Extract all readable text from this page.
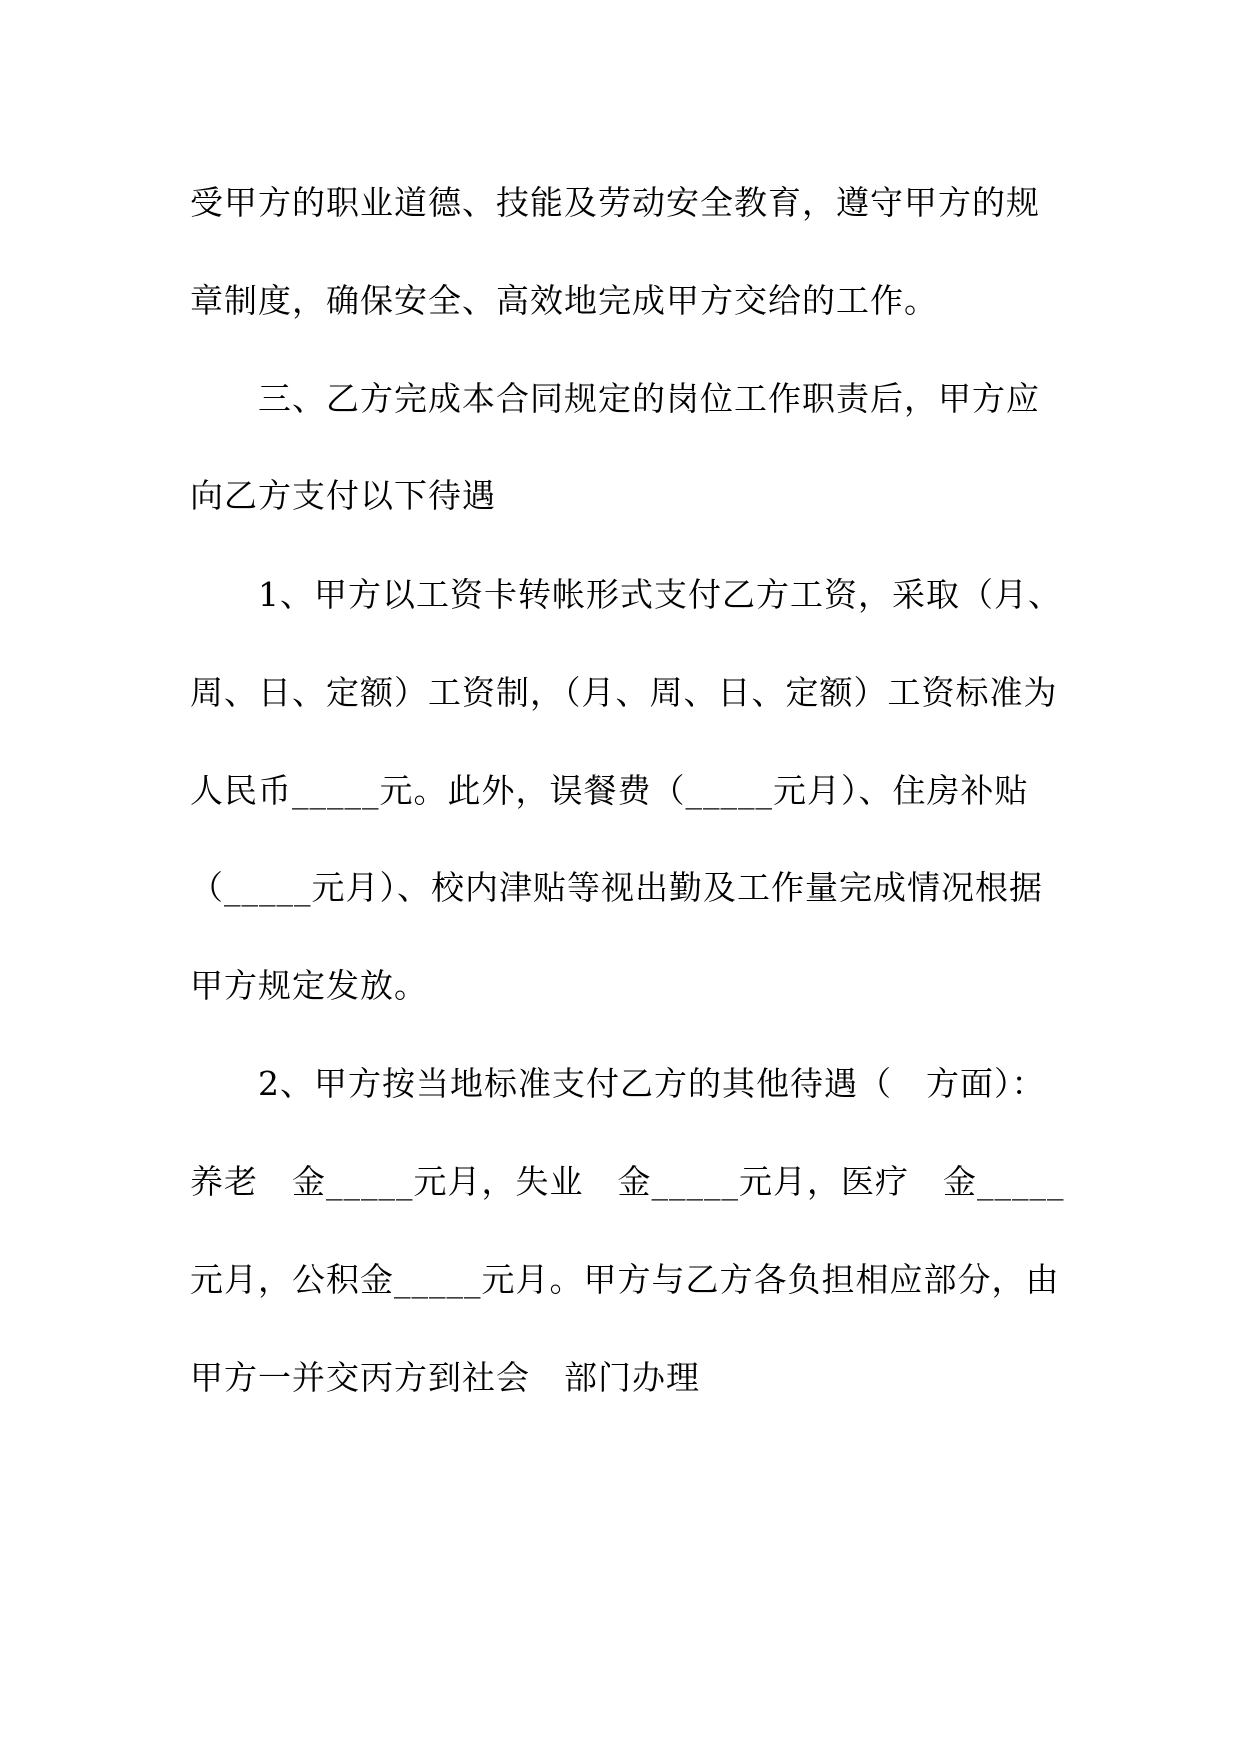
受甲方的职业道德、技能及劳动安全教育，遵守甲方的规
章制度，确保安全、高效地完成甲方交给的工作。
　　三、乙方完成本合同规定的岗位工作职责后，甲方应
向乙方支付以下待遇
　　1、甲方以工资卡转帐形式支付乙方工资，采取（月、
周、日、定额）工资制，（月、周、日、定额）工资标准为
人民币_____元。此外，误餐费（_____元月）、住房补贴
（_____元月）、校内津贴等视出勤及工作量完成情况根据
甲方规定发放。
　　2、甲方按当地标准支付乙方的其他待遇（　方面）：
养老　金_____元月，失业　金_____元月，医疗　金_____
元月，公积金_____元月。甲方与乙方各负担相应部分，由
甲方一并交丙方到社会　部门办理
